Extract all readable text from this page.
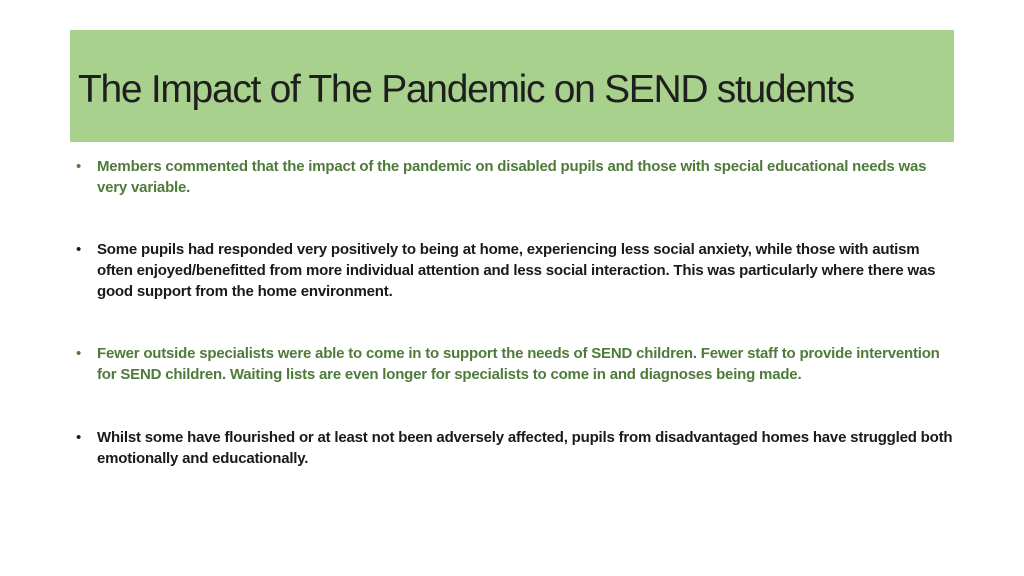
The Impact of The Pandemic on SEND students
• Members commented that the impact of the pandemic on disabled pupils and those with special educational needs was very variable.
• Some pupils had responded very positively to being at home, experiencing less social anxiety, while those with autism often enjoyed/benefitted from more individual attention and less social interaction. This was particularly where there was good support from the home environment.
• Fewer outside specialists were able to come in to support the needs of SEND children. Fewer staff to provide intervention for SEND children. Waiting lists are even longer for specialists to come in and diagnoses being made.
• Whilst some have flourished or at least not been adversely affected, pupils from disadvantaged homes have struggled both emotionally and educationally.
